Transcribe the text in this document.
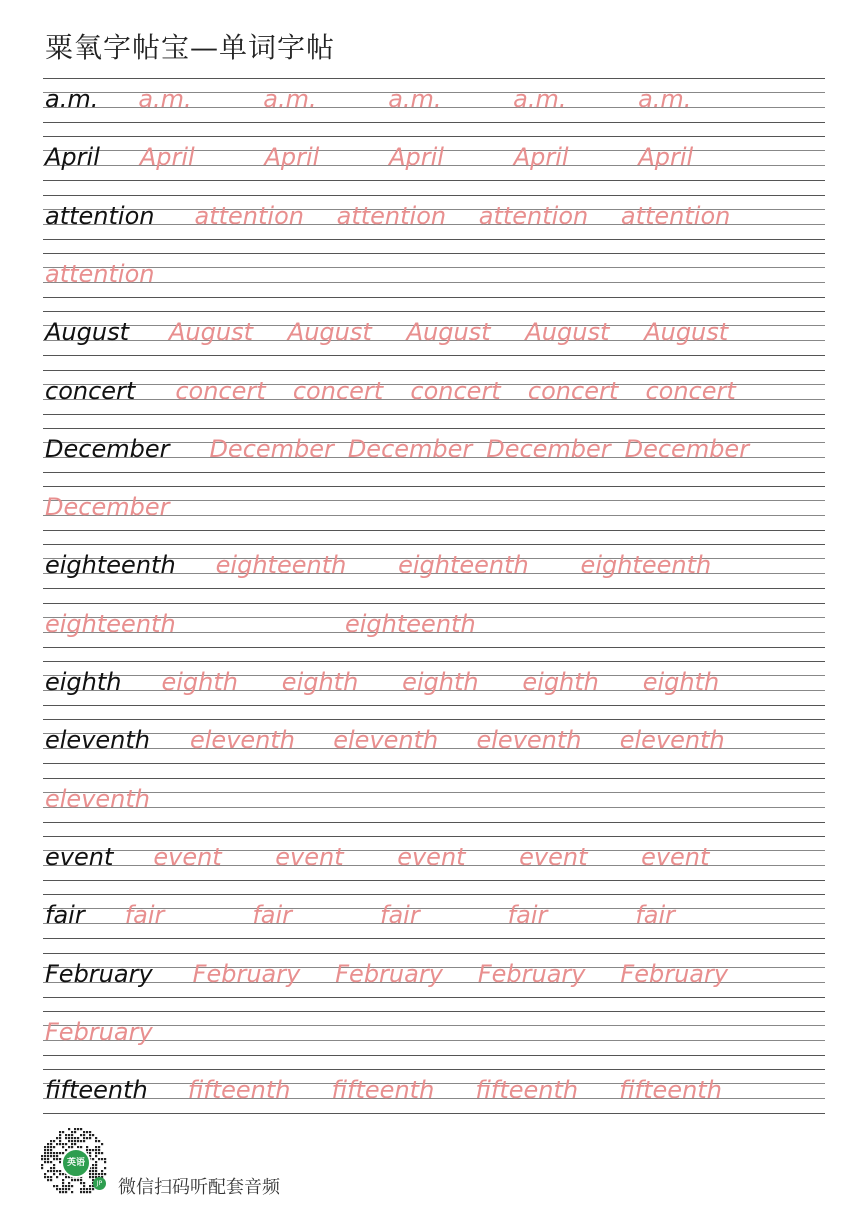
粟氧字帖宝—单词字帖
a.m. a.m.	a.m.	a.m.	a.m.	a.m.
April April	April	April	April	April
attention attention attention attention attention
attention
August August August August August August
concert concert concert concert concert concert
December December December December December
December
eighteenth eighteenth eighteenth eighteenth
eighteenth	eighteenth
eighth eighth eighth eighth eighth eighth
eleventh eleventh eleventh eleventh eleventh
eleventh
event event event event event event
fair fair	fair	fair	fair	fair
February February February February February
February
fifteenth fifteenth fifteenth fifteenth fifteenth
英语
JP 微信扫码听配套音频
